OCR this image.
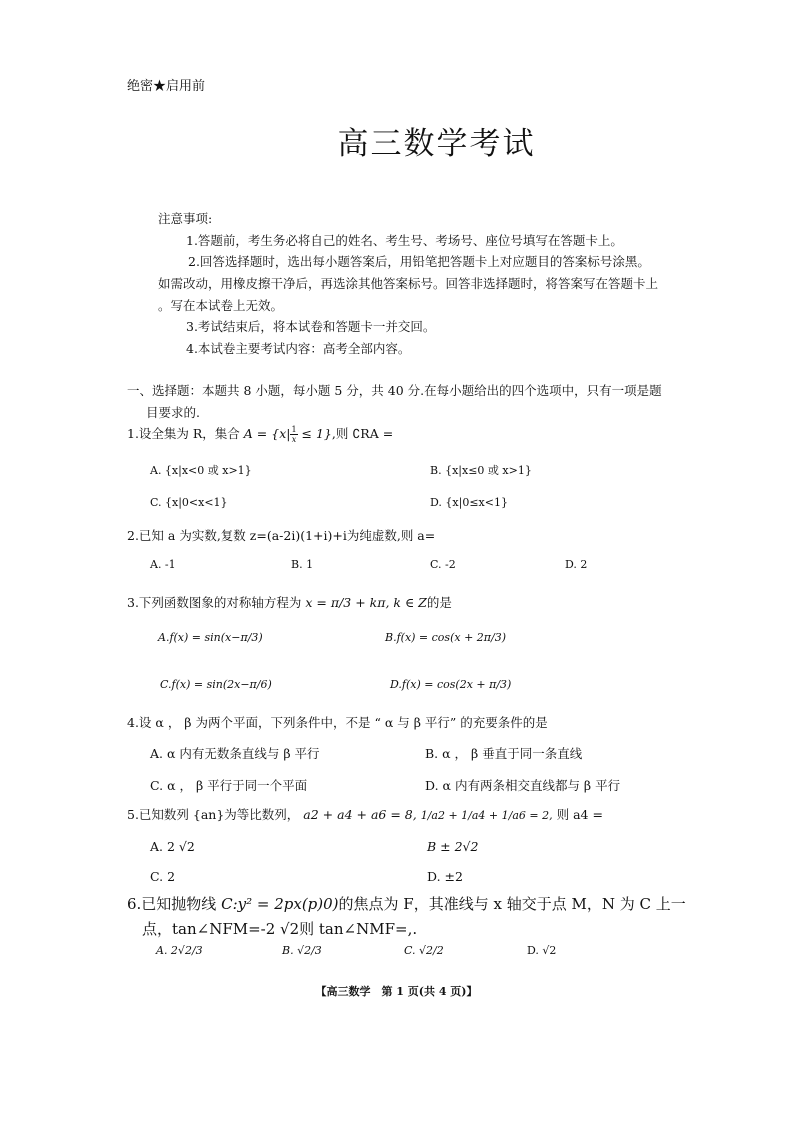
绝密★启用前
高三数学考试
注意事项:
1.答题前，考生务必将自己的姓名、考生号、考场号、座位号填写在答题卡上。
2.回答选择题时，选出每小题答案后，用铅笔把答题卡上对应题目的答案标号涂黑。
如需改动，用橡皮擦干净后，再选涂其他答案标号。回答非选择题时，将答案写在答题卡上
。写在本试卷上无效。
3.考试结束后，将本试卷和答题卡一并交回。
4.本试卷主要考试内容：高考全部内容。
一、选择题：本题共 8 小题，每小题 5 分，共 40 分.在每小题给出的四个选项中，只有一项是题
目要求的.
1.设全集为 R，集合 $A = \{x| \frac{1}{x} \le 1\}$,则 ∁RA =
A. {x|x<0 或 x>1}	B. {x|x≤0 或 x>1}
C. {x|0<x<1}	D. {x|0≤x<1}
2.已知 a 为实数,复数 z=(a-2i)(1+i)+i为纯虚数,则 a=
A. -1	B. 1	C. -2	D. 2
3.下列函数图象的对称轴方程为 x = π/3 + kπ, k ∈ Z的是
A.f(x) = sin(x−π/3)	B.f(x) = cos(x + 2π/3)
C.f(x) = sin(2x−π/6)	D.f(x) = cos(2x + π/3)
4.设 α ， β 为两个平面，下列条件中，不是 “ α 与 β 平行” 的充要条件的是
A. α 内有无数条直线与 β 平行	B. α ， β 垂直于同一条直线
C. α ， β 平行于同一个平面	D. α 内有两条相交直线都与 β 平行
5.已知数列 {an}为等比数列， a2 + a4 + a6 = 8, 1/a2 + 1/a4 + 1/a6 = 2, 则 a4 =
A. 2 √2	B ± 2√2
C. 2	D. ±2
6.已知抛物线 C:y² = 2px(p)0)的焦点为 F，其准线与 x 轴交于点 M，N 为 C 上一
点，tan∠NFM=-2 √2则 tan∠NMF=,.
A. 2√2/3	B. √2/3	C. √2/2	D. √2
【高三数学　第 1 页(共 4 页)】
